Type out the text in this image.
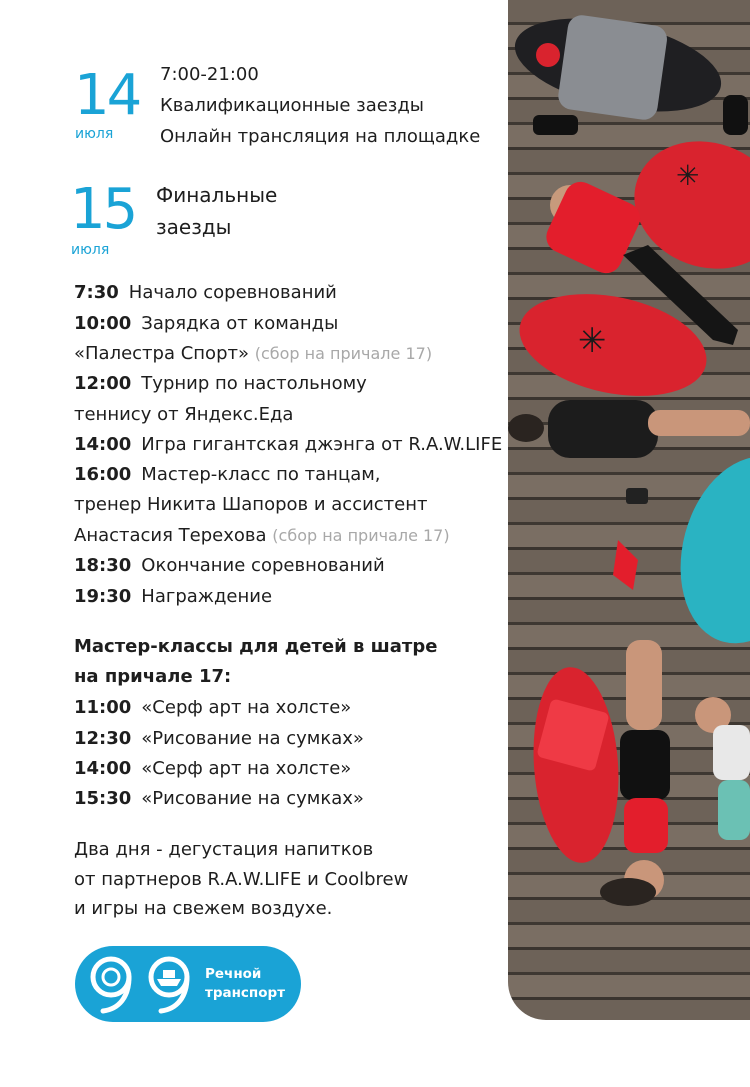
✳
✳
14
июля
7:00-21:00
Квалификационные заезды
Онлайн трансляция на площадке
15
июля
Финальные
заезды
7:30 Начало соревнований
10:00 Зарядка от команды
«Палестра Спорт» (сбор на причале 17)
12:00 Турнир по настольному
теннису от Яндекс.Еда
14:00 Игра гигантская джэнга от R.A.W.LIFE
16:00 Мастер-класс по танцам,
тренер Никита Шапоров и ассистент
Анастасия Терехова (сбор на причале 17)
18:30 Окончание соревнований
19:30 Награждение
Мастер-классы для детей в шатре
на причале 17:
11:00 «Серф арт на холсте»
12:30 «Рисование на сумках»
14:00 «Серф арт на холсте»
15:30 «Рисование на сумках»
Два дня - дегустация напитков
от партнеров R.A.W.LIFE и Coolbrew
и игры на свежем воздухе.
Речной
транспорт
